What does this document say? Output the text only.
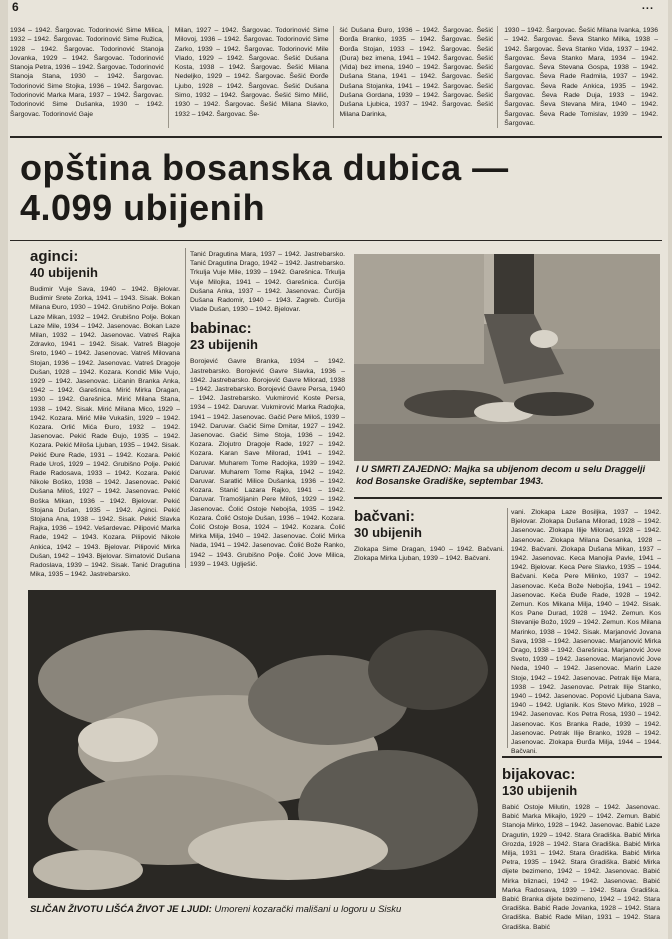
6	...
1934 – 1942. Šargovac. Todorinović Sime Milica, 1932 – 1942. Šargovac. Todorinović Sime Ružica, 1928 – 1942. Šargovac. Todorinović Stanoja Jovanka, 1929 – 1942. Šargovac. Todorinović Stanoja Petra, 1936 – 1942. Šargovac. Todorinović Stanoja Stana, 1930 – 1942. Šargovac. Todorinović Sime Stojka, 1936 – 1942. Šargovac. Todorinović Marka Mara, 1937 – 1942. Šargovac. Todorinović Sime Dušanka, 1930 – 1942. Šargovac. Todorinović Gaje
Milan, 1927 – 1942. Šargovac. Todorinović Sime Milovoj, 1936 – 1942. Šargovac. Todorinović Sime Zarko, 1939 – 1942. Šargovac. Todorinović Mile Vlado, 1929 – 1942. Šargovac. Šešić Dušana Kosta, 1938 – 1942. Šargovac. Šešić Milana Nedeljko, 1929 – 1942. Šargovac. Šešić Đorđe Ljubo, 1928 – 1942. Šargovac. Šešić Dušana Simo, 1932 – 1942. Šargovac. Šešić Simo Milić, 1930 – 1942. Šargovac. Šešić Milana Slavko, 1932 – 1942. Šargovac. Še-
šić Dušana Đuro, 1936 – 1942. Šargovac. Šešić Đorđa Branko, 1935 – 1942. Šargovac. Šešić Đorđa Stojan, 1933 – 1942. Šargovac. Šešić (Dura) bez imena, 1941 – 1942. Šargovac. Šešić (Vida) bez imena, 1940 – 1942. Šargovac. Šešić Dušana Stana, 1941 – 1942. Šargovac. Šešić Dušana Stojanka, 1941 – 1942. Šargovac. Šešić Dušana Gordana, 1939 – 1942. Šargovac. Šešić Dušana Ljubica, 1937 – 1942. Šargovac. Šešić Milana Darinka,
1930 – 1942. Šargovac. Šešić Milana Ivanka, 1936 – 1942. Šargovac. Ševa Stanko Milka, 1938 – 1942. Šargovac. Ševa Stanko Vida, 1937 – 1942. Šargovac. Ševa Stanko Mara, 1934 – 1942. Šargovac. Ševa Stevana Gospa, 1938 – 1942. Šargovac. Ševa Rade Radmila, 1937 – 1942. Šargovac. Ševa Rade Ankica, 1935 – 1942. Šargovac. Ševa Rade Duja, 1933 – 1942. Šargovac. Ševa Stevana Mira, 1940 – 1942. Šargovac. Ševa Rade Tomislav, 1939 – 1942. Šargovac.
opština bosanska dubica —
4.099 ubijenih
aginci:
40 ubijenih
Budimir Vuje Sava, 1940 – 1942. Bjelovar. Budimir Srete Zorka, 1941 – 1943. Sisak. Bokan Milana Đuro, 1930 – 1942. Grubišno Polje. Bokan Laze Mikan, 1932 – 1942. Grubišno Polje. Bokan Laze Mile, 1934 – 1942. Jasenovac. Bokan Laze Milan, 1932 – 1942. Jasenovac. Vatreš Rajka Zdravko, 1941 – 1942. Sisak. Vatreš Blagoje Sreto, 1940 – 1942. Jasenovac. Vatreš Milovana Stojan, 1936 – 1942. Jasenovac. Vatreš Dragoje Dušan, 1928 – 1942. Kozara. Kondić Mile Vujo, 1929 – 1942. Jasenovac. Ličanin Branka Anka, 1942 – 1942. Garešnica. Mirić Mirka Dragan, 1930 – 1942. Garešnica. Mirić Milana Stana, 1938 – 1942. Sisak. Mirić Milana Mico, 1929 – 1942. Kozara. Mirić Mile Vukašin, 1929 – 1942. Kozara. Orlić Mića Đuro, 1932 – 1942. Jasenovac. Pekić Rade Đujo, 1935 – 1942. Kozara. Pekić Miloša Ljuban, 1935 – 1942. Sisak. Pekić Đure Rade, 1931 – 1942. Kozara. Pekić Rade Uroš, 1929 – 1942. Grubišno Polje. Pekić Rade Radosava, 1933 – 1942. Kozara. Pekić Nikole Boško, 1938 – 1942. Jasenovac. Pekić Dušana Miloš, 1927 – 1942. Jasenovac. Pekić Boška Mikan, 1936 – 1942. Bjelovar. Pekić Stojana Dušan, 1935 – 1942. Aginci. Pekić Stojana Ana, 1938 – 1942. Sisak. Pekić Slavka Rajka, 1936 – 1942. Vešardevac. Pilipović Marka Rade, 1942 – 1943. Kozara. Pilipović Nikole Ankica, 1942 – 1943. Bjelovar. Pilipović Mirka Dušan, 1942 – 1943. Bjelovar. Simatović Dušana Radoslava, 1939 – 1942. Sisak. Tanić Dragutina Mika, 1935 – 1942. Jastrebarsko.
Tanić Dragutina Mara, 1937 – 1942. Jastrebarsko. Tanić Dragutina Drago, 1942 – 1942. Jastrebarsko. Trkulja Vuje Mile, 1939 – 1942. Garešnica. Trkulja Vuje Milojka, 1941 – 1942. Garešnica. Ćurčija Dušana Anka, 1937 – 1942. Jasenovac. Ćurčija Dušana Radomir, 1940 – 1943. Zagreb. Ćurčija Vlade Dušan, 1930 – 1942. Bjelovar.
babinac:
23 ubijenih
Borojević Gavre Branka, 1934 – 1942. Jastrebarsko. Borojević Gavre Slavka, 1936 – 1942. Jastrebarsko. Borojević Gavre Milorad, 1938 – 1942. Jastrebarsko. Borojević Gavre Persa, 1940 – 1942. Jastrebarsko. Vukmirović Koste Persa, 1934 – 1942. Daruvar. Vukmirović Marka Radojka, 1941 – 1942. Jasenovac. Gačić Pere Miloš, 1939 – 1942. Daruvar. Gačić Sime Dmitar, 1927 – 1942. Jasenovac. Gačić Sime Stoja, 1936 – 1942. Kozara. Zlojutro Dragoje Rade, 1927 – 1942. Kozara. Karan Save Milorad, 1941 – 1942. Daruvar. Muharem Tome Radojka, 1939 – 1942. Daruvar. Muharem Tome Rajka, 1942 – 1942. Daruvar. Saratlić Milice Dušanka, 1936 – 1942. Kozara. Stanić Lazara Rajko, 1941 – 1942. Daruvar. Tramošljanin Pere Miloš, 1929 – 1942. Jasenovac. Ćolić Ostoje Nebojša, 1935 – 1942. Kozara. Ćolić Ostoje Dušan, 1936 – 1942. Kozara. Ćolić Ostoje Bosa, 1924 – 1942. Kozara. Ćolić Mirka Milja, 1940 – 1942. Jasenovac. Ćolić Mirka Nada, 1941 – 1942. Jasenovac. Ćolić Bože Ranko, 1942 – 1943. Grubišno Polje. Ćolić Jove Milica, 1939 – 1943. Uglješić.
I U SMRTI ZAJEDNO: Majka sa ubijenom decom u selu Draggelji kod Bosanske Gradiške, septembar 1943.
bačvani:
30 ubijenih
Zlokapa Sime Dragan, 1940 – 1942. Bačvani. Zlokapa Mirka Ljuban, 1939 – 1942. Bačvani.
vani. Zlokapa Laze Bosiljka, 1937 – 1942. Bjelovar. Zlokapa Dušana Milorad, 1928 – 1942. Jasenovac. Zlokapa Ilije Milorad, 1928 – 1942. Jasenovac. Zlokapa Milana Desanka, 1928 – 1942. Bačvani. Zlokapa Dušana Mikan, 1937 – 1942. Jasenovac. Keca Manojla Pavle, 1941 – 1942. Bjelovar. Keca Pere Slavko, 1935 – 1944. Bačvani. Keča Pere Milinko, 1937 – 1942. Jasenovac. Keča Bože Nebojša, 1941 – 1942. Jasenovac. Keča Đuđe Rade, 1928 – 1942. Zemun. Kos Mikana Milja, 1940 – 1942. Sisak. Kos Pane Durad, 1928 – 1942. Zemun. Kos Stevanije Božo, 1929 – 1942. Zemun. Kos Milana Marinko, 1938 – 1942. Sisak. Marjanović Jovana Sava, 1938 – 1942. Jasenovac. Marjanović Mirka Drago, 1938 – 1942. Garešnica. Marjanović Jove Sveto, 1939 – 1942. Jasenovac. Marjanović Jove Neda, 1940 – 1942. Jasenovac. Marin Laze Stoje, 1942 – 1942. Jasenovac. Petrak Ilije Mara, 1938 – 1942. Jasenovac. Petrak Ilije Stanko, 1940 – 1942. Jasenovac. Popović Ljubana Sava, 1940 – 1942. Uglanik. Kos Stevo Mirko, 1928 – 1942. Jasenovac. Kos Petra Rosa, 1930 – 1942. Jasenovac. Kos Branka Rade, 1939 – 1942. Jasenovac. Petrak Ilije Branko, 1928 – 1942. Jasenovac. Zlokapa Đurđa Milja, 1944 – 1944. Bačvani.
SLIČAN ŽIVOTU LIŠĆA ŽIVOT JE LJUDI: Umoreni kozarački mališani u logoru u Sisku
bijakovac:
130 ubijenih
Babić Ostoje Milutin, 1928 – 1942. Jasenovac. Babić Marka Mikajlo, 1929 – 1942. Zemun. Babić Stanoja Mirko, 1928 – 1942. Jasenovac. Babić Laze Dragutin, 1929 – 1942. Stara Gradiška. Babić Mirka Grozda, 1928 – 1942. Stara Gradiška. Babić Mirka Milja, 1931 – 1942. Stara Gradiška. Babić Mirka Petra, 1935 – 1942. Stara Gradiška. Babić Mirka dijete bezimeno, 1942 – 1942. Jasenovac. Babić Mirka bliznaci, 1942 – 1942. Jasenovac. Babić Marka Radosava, 1939 – 1942. Stara Gradiška. Babić Branka dijete bezimeno, 1942 – 1942. Stara Gradiška. Babić Rade Jovanka, 1928 – 1942. Stara Gradiška. Babić Rade Milan, 1931 – 1942. Stara Gradiška. Babić
